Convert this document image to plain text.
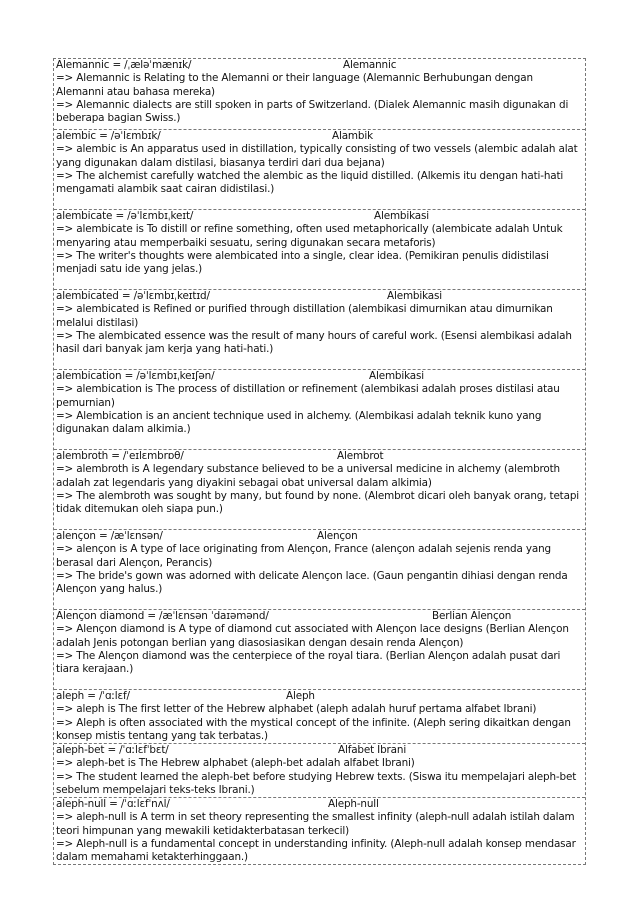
Alemannic = /ˌæləˈmænɪk/	Alemannic
=> Alemannic is Relating to the Alemanni or their language (Alemannic Berhubungan dengan Alemanni atau bahasa mereka)
=> Alemannic dialects are still spoken in parts of Switzerland. (Dialek Alemannic masih digunakan di beberapa bagian Swiss.)
alembic = /əˈlɛmbɪk/	Alambik
=> alembic is An apparatus used in distillation, typically consisting of two vessels (alembic adalah alat yang digunakan dalam distilasi, biasanya terdiri dari dua bejana)
=> The alchemist carefully watched the alembic as the liquid distilled. (Alkemis itu dengan hati-hati mengamati alambik saat cairan didistilasi.)
alembicate = /əˈlɛmbɪˌkeɪt/	Alembikasi
=> alembicate is To distill or refine something, often used metaphorically (alembicate adalah Untuk menyaring atau memperbaiki sesuatu, sering digunakan secara metaforis)
=> The writer's thoughts were alembicated into a single, clear idea. (Pemikiran penulis didistilasi menjadi satu ide yang jelas.)
alembicated = /əˈlɛmbɪˌkeɪtɪd/	Alembikasi
=> alembicated is Refined or purified through distillation (alembikasi dimurnikan atau dimurnikan melalui distilasi)
=> The alembicated essence was the result of many hours of careful work. (Esensi alembikasi adalah hasil dari banyak jam kerja yang hati-hati.)
alembication = /əˈlɛmbɪˌkeɪʃən/	Alembikasi
=> alembication is The process of distillation or refinement (alembikasi adalah proses distilasi atau pemurnian)
=> Alembication is an ancient technique used in alchemy. (Alembikasi adalah teknik kuno yang digunakan dalam alkimia.)
alembroth = /ˈeɪlɛmbrɒθ/	Alembrot
=> alembroth is A legendary substance believed to be a universal medicine in alchemy (alembroth adalah zat legendaris yang diyakini sebagai obat universal dalam alkimia)
=> The alembroth was sought by many, but found by none. (Alembrot dicari oleh banyak orang, tetapi tidak ditemukan oleh siapa pun.)
alençon = /æˈlɛnsən/	Alençon
=> alençon is A type of lace originating from Alençon, France (alençon adalah sejenis renda yang berasal dari Alençon, Perancis)
=> The bride's gown was adorned with delicate Alençon lace. (Gaun pengantin dihiasi dengan renda Alençon yang halus.)
Alençon diamond = /æˈlɛnsən ˈdaɪəmənd/	Berlian Alençon
=> Alençon diamond is A type of diamond cut associated with Alençon lace designs (Berlian Alençon adalah Jenis potongan berlian yang diasosiasikan dengan desain renda Alençon)
=> The Alençon diamond was the centerpiece of the royal tiara. (Berlian Alençon adalah pusat dari tiara kerajaan.)
aleph = /ˈɑːlɛf/	Aleph
=> aleph is The first letter of the Hebrew alphabet (aleph adalah huruf pertama alfabet Ibrani)
=> Aleph is often associated with the mystical concept of the infinite. (Aleph sering dikaitkan dengan konsep mistis tentang yang tak terbatas.)
aleph-bet = /ˈɑːlɛfˈbɛt/	Alfabet Ibrani
=> aleph-bet is The Hebrew alphabet (aleph-bet adalah alfabet Ibrani)
=> The student learned the aleph-bet before studying Hebrew texts. (Siswa itu mempelajari aleph-bet sebelum mempelajari teks-teks Ibrani.)
aleph-null = /ˈɑːlɛfˈnʌl/	Aleph-null
=> aleph-null is A term in set theory representing the smallest infinity (aleph-null adalah istilah dalam teori himpunan yang mewakili ketidakterbatasan terkecil)
=> Aleph-null is a fundamental concept in understanding infinity. (Aleph-null adalah konsep mendasar dalam memahami ketakterhinggaan.)
